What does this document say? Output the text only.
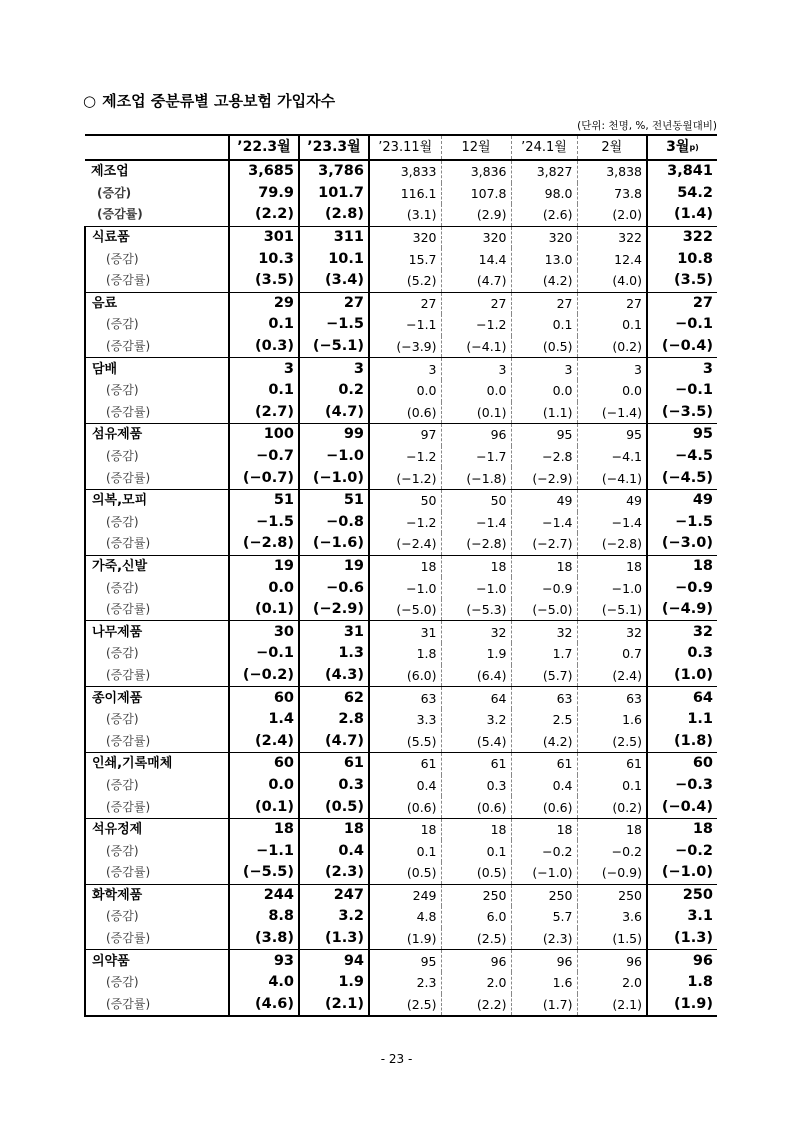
○ 제조업 중분류별 고용보험 가입자수
(단위: 천명, %, 전년동월대비)
	’22.3월	’23.3월	’23.11월	12월	’24.1월	2월	3월$^{p)}$
제조업	3,685	3,786	3,833	3,836	3,827	3,838	3,841
(증감)	79.9	101.7	116.1	107.8	98.0	73.8	54.2
(증감률)	(2.2)	(2.8)	(3.1)	(2.9)	(2.6)	(2.0)	(1.4)
식료품	301	311	320	320	320	322	322
(증감)	10.3	10.1	15.7	14.4	13.0	12.4	10.8
(증감률)	(3.5)	(3.4)	(5.2)	(4.7)	(4.2)	(4.0)	(3.5)
음료	29	27	27	27	27	27	27
(증감)	0.1	−1.5	−1.1	−1.2	0.1	0.1	−0.1
(증감률)	(0.3)	(−5.1)	(−3.9)	(−4.1)	(0.5)	(0.2)	(−0.4)
담배	3	3	3	3	3	3	3
(증감)	0.1	0.2	0.0	0.0	0.0	0.0	−0.1
(증감률)	(2.7)	(4.7)	(0.6)	(0.1)	(1.1)	(−1.4)	(−3.5)
섬유제품	100	99	97	96	95	95	95
(증감)	−0.7	−1.0	−1.2	−1.7	−2.8	−4.1	−4.5
(증감률)	(−0.7)	(−1.0)	(−1.2)	(−1.8)	(−2.9)	(−4.1)	(−4.5)
의복,모피	51	51	50	50	49	49	49
(증감)	−1.5	−0.8	−1.2	−1.4	−1.4	−1.4	−1.5
(증감률)	(−2.8)	(−1.6)	(−2.4)	(−2.8)	(−2.7)	(−2.8)	(−3.0)
가죽,신발	19	19	18	18	18	18	18
(증감)	0.0	−0.6	−1.0	−1.0	−0.9	−1.0	−0.9
(증감률)	(0.1)	(−2.9)	(−5.0)	(−5.3)	(−5.0)	(−5.1)	(−4.9)
나무제품	30	31	31	32	32	32	32
(증감)	−0.1	1.3	1.8	1.9	1.7	0.7	0.3
(증감률)	(−0.2)	(4.3)	(6.0)	(6.4)	(5.7)	(2.4)	(1.0)
종이제품	60	62	63	64	63	63	64
(증감)	1.4	2.8	3.3	3.2	2.5	1.6	1.1
(증감률)	(2.4)	(4.7)	(5.5)	(5.4)	(4.2)	(2.5)	(1.8)
인쇄,기록매체	60	61	61	61	61	61	60
(증감)	0.0	0.3	0.4	0.3	0.4	0.1	−0.3
(증감률)	(0.1)	(0.5)	(0.6)	(0.6)	(0.6)	(0.2)	(−0.4)
석유정제	18	18	18	18	18	18	18
(증감)	−1.1	0.4	0.1	0.1	−0.2	−0.2	−0.2
(증감률)	(−5.5)	(2.3)	(0.5)	(0.5)	(−1.0)	(−0.9)	(−1.0)
화학제품	244	247	249	250	250	250	250
(증감)	8.8	3.2	4.8	6.0	5.7	3.6	3.1
(증감률)	(3.8)	(1.3)	(1.9)	(2.5)	(2.3)	(1.5)	(1.3)
의약품	93	94	95	96	96	96	96
(증감)	4.0	1.9	2.3	2.0	1.6	2.0	1.8
(증감률)	(4.6)	(2.1)	(2.5)	(2.2)	(1.7)	(2.1)	(1.9)
- 23 -
